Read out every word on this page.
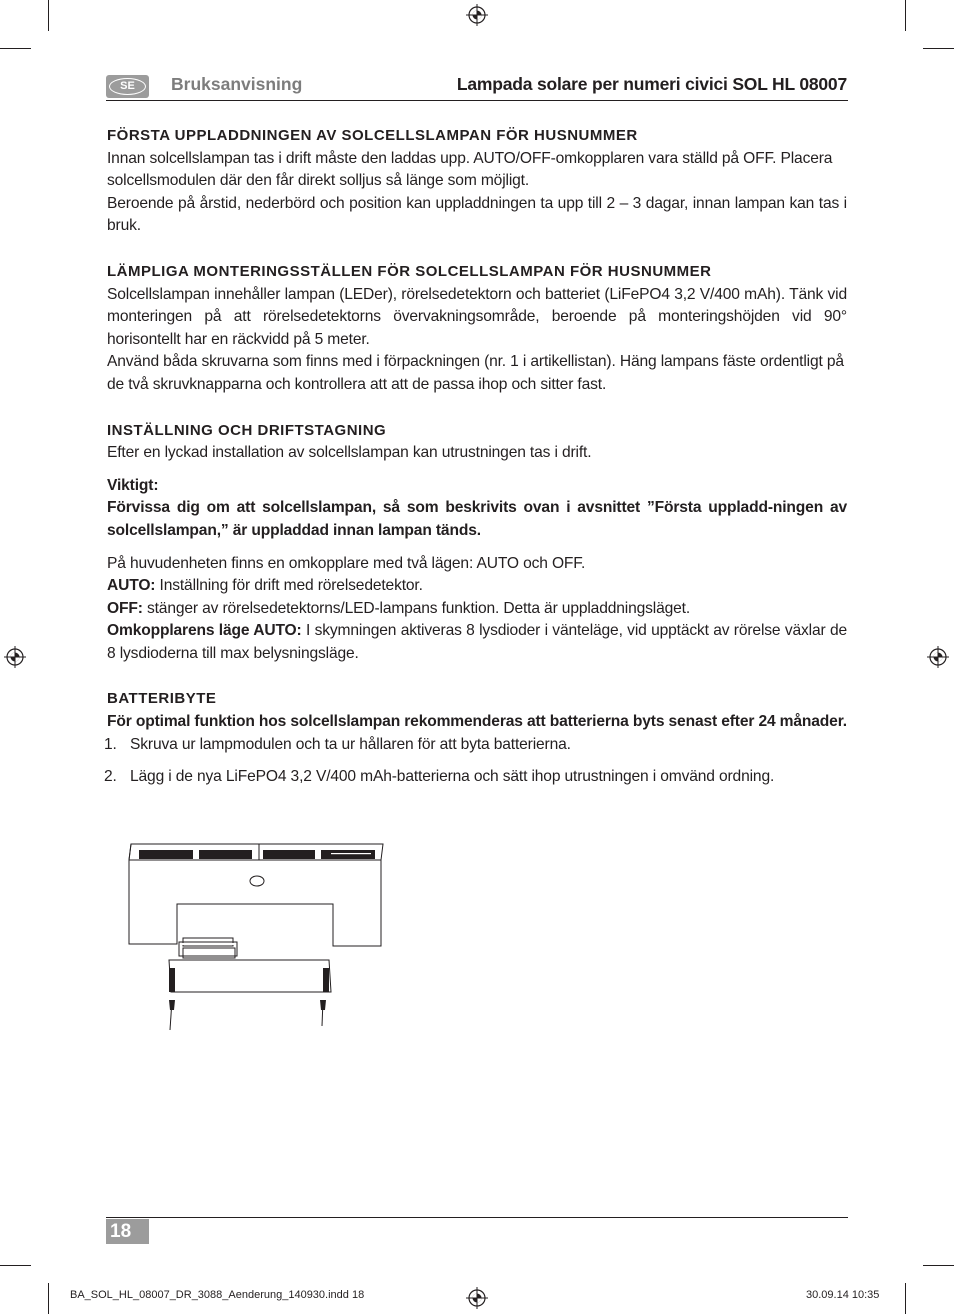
SE	Bruksanvisning	Lampada solare per numeri civici SOL HL 08007

FÖRSTA UPPLADDNINGEN AV SOLCELLSLAMPAN FÖR HUSNUMMER

Innan solcellslampan tas i drift måste den laddas upp. AUTO/OFF-omkopplaren vara ställd på OFF. Placera solcellsmodulen där den får direkt solljus så länge som möjligt.

Beroende på årstid, nederbörd och position kan uppladdningen ta upp till 2 – 3 dagar, innan lampan kan tas i bruk.

LÄMPLIGA MONTERINGSSTÄLLEN FÖR SOLCELLSLAMPAN FÖR HUSNUMMER

Solcellslampan innehåller lampan (LEDer), rörelsedetektorn och batteriet (LiFePO4 3,2 V/400 mAh). Tänk vid monteringen på att rörelsedetektorns övervakningsområde, beroende på monteringshöjden vid 90° horisontellt har en räckvidd på 5 meter.

Använd båda skruvarna som finns med i förpackningen (nr. 1 i artikellistan). Häng lampans fäste ordentligt på de två skruvknapparna och kontrollera att att de passa ihop och sitter fast.

INSTÄLLNING OCH DRIFTSTAGNING

Efter en lyckad installation av solcellslampan kan utrustningen tas i drift.

Viktigt:

Förvissa dig om att solcellslampan, så som beskrivits ovan i avsnittet ”Första uppladd-ningen av solcellslampan,” är uppladdad innan lampan tänds.

På huvudenheten finns en omkopplare med två lägen: AUTO och OFF.

AUTO: Inställning för drift med rörelsedetektor.

OFF: stänger av rörelsedetektorns/LED-lampans funktion. Detta är uppladdningsläget.

Omkopplarens läge AUTO: I skymningen aktiveras 8 lysdioder i vänteläge, vid upptäckt av rörelse växlar de 8 lysdioderna till max belysningsläge.

BATTERIBYTE

För optimal funktion hos solcellslampan rekommenderas att batterierna byts senast efter 24 månader.

1. Skruva ur lampmodulen och ta ur hållaren för att byta batterierna.
2. Lägg i de nya LiFePO4 3,2 V/400 mAh-batterierna och sätt ihop utrustningen i omvänd ordning.
18
BA_SOL_HL_08007_DR_3088_Aenderung_140930.indd 18	30.09.14 10:35
